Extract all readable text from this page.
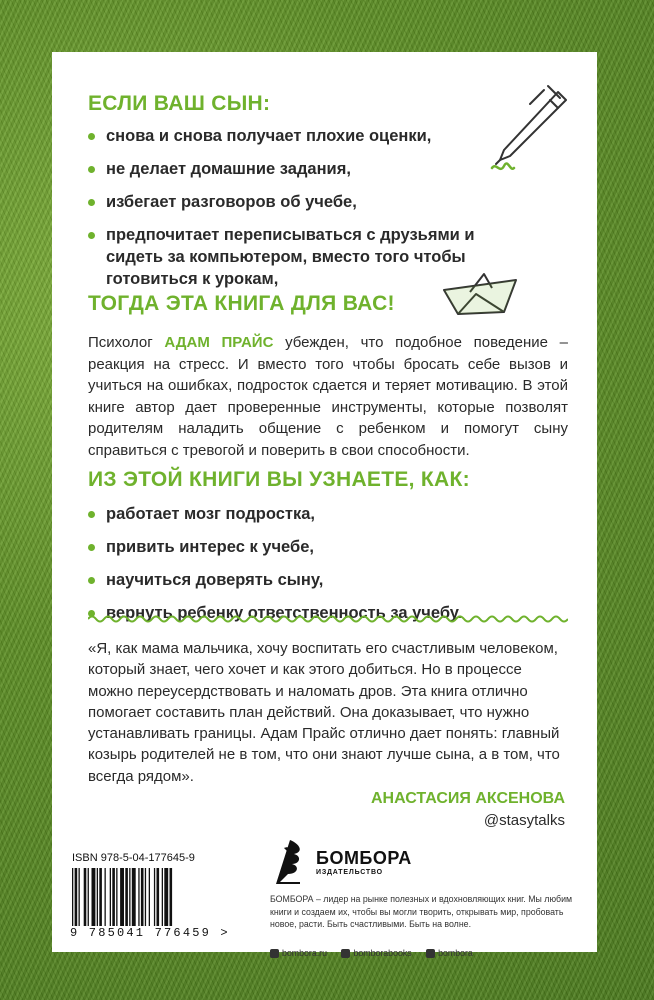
ЕСЛИ ВАШ СЫН:
снова и снова получает плохие оценки,
не делает домашние задания,
избегает разговоров об учебе,
предпочитает переписываться с друзьями и сидеть за компьютером, вместо того чтобы готовиться к урокам,
ТОГДА ЭТА КНИГА ДЛЯ ВАС!

Психолог АДАМ ПРАЙС убежден, что подобное поведение – реакция на стресс. И вместо того чтобы бросать себе вызов и учиться на ошибках, подросток сдается и теряет мотивацию. В этой книге автор дает проверенные инструменты, которые позволят родителям наладить общение с ребенком и помогут сыну справиться с тревогой и поверить в свои способности.

ИЗ ЭТОЙ КНИГИ ВЫ УЗНАЕТЕ, КАК:
работает мозг подростка,
привить интерес к учебе,
научиться доверять сыну,
вернуть ребенку ответственность за учебу.

«Я, как мама мальчика, хочу воспитать его счастливым человеком, который знает, чего хочет и как этого добиться. Но в процессе можно переусердствовать и наломать дров. Эта книга отлично помогает составить план действий. Она доказывает, что нужно устанавливать границы. Адам Прайс отлично дает понять: главный козырь родителей не в том, что они знают лучше сына, а в том, что всегда рядом».

АНАСТАСИЯ АКСЕНОВА
@stasytalks
ISBN 978-5-04-177645-9
9 785041 776459 >
БОМБОРА
ИЗДАТЕЛЬСТВО

БОМБОРА – лидер на рынке полезных и вдохновляющих книг. Мы любим книги и создаем их, чтобы вы могли творить, открывать мир, пробовать новое, расти. Быть счастливыми. Быть на волне.

bombora.ru	bomborabooks	bombora
